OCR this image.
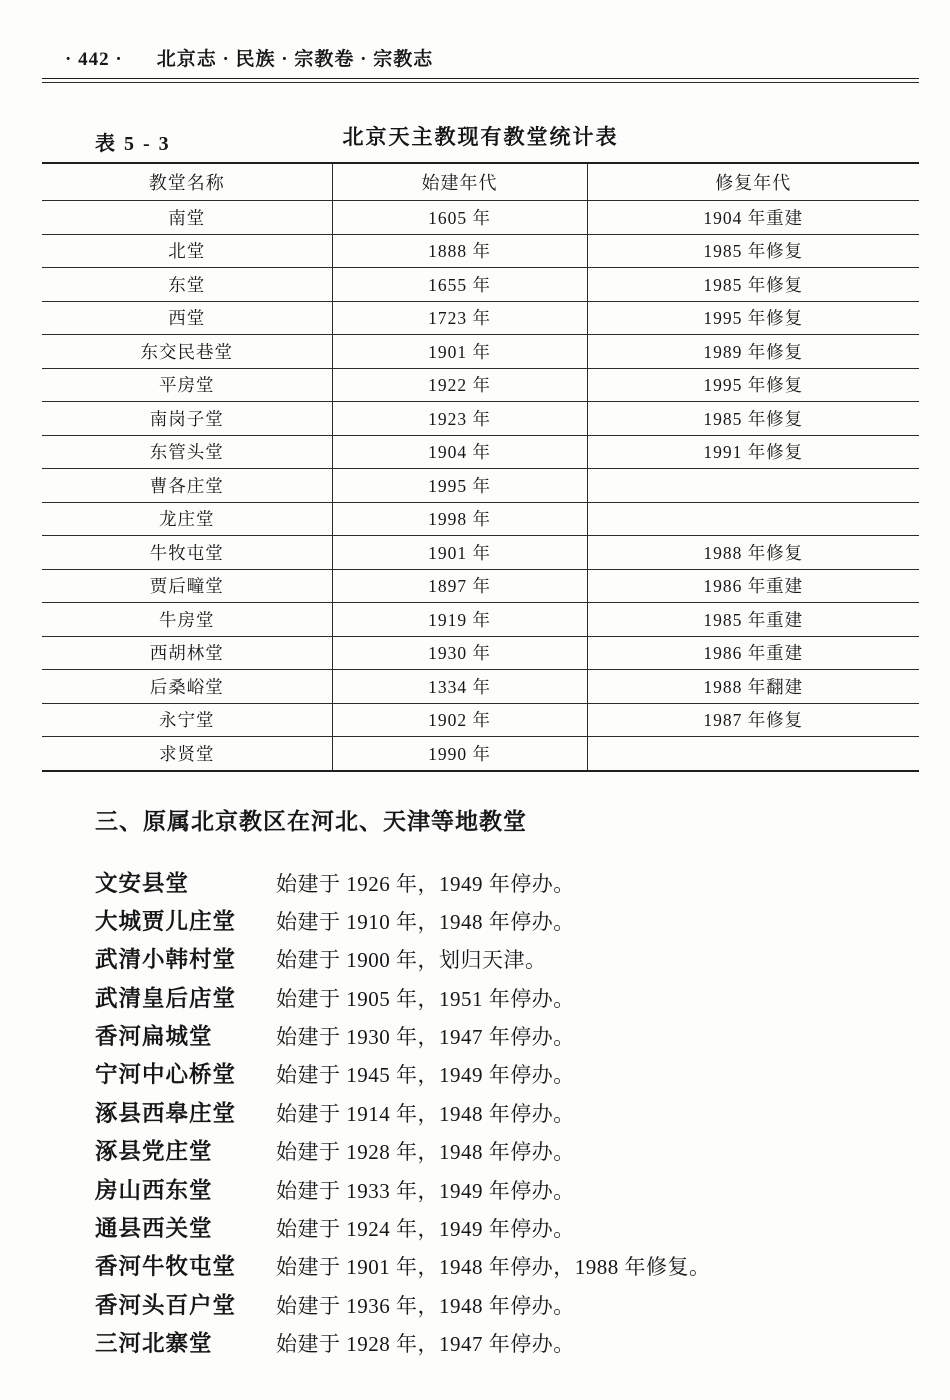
· 442 · 北京志 · 民族 · 宗教卷 · 宗教志
表 5 - 3	北京天主教现有教堂统计表
教堂名称	始建年代	修复年代
南堂	1605 年	1904 年重建
北堂	1888 年	1985 年修复
东堂	1655 年	1985 年修复
西堂	1723 年	1995 年修复
东交民巷堂	1901 年	1989 年修复
平房堂	1922 年	1995 年修复
南岗子堂	1923 年	1985 年修复
东管头堂	1904 年	1991 年修复
曹各庄堂	1995 年	
龙庄堂	1998 年	
牛牧屯堂	1901 年	1988 年修复
贾后疃堂	1897 年	1986 年重建
牛房堂	1919 年	1985 年重建
西胡林堂	1930 年	1986 年重建
后桑峪堂	1334 年	1988 年翻建
永宁堂	1902 年	1987 年修复
求贤堂	1990 年	
三、原属北京教区在河北、天津等地教堂
文安县堂	始建于 1926 年，1949 年停办。
大城贾儿庄堂	始建于 1910 年，1948 年停办。
武清小韩村堂	始建于 1900 年，划归天津。
武清皇后店堂	始建于 1905 年，1951 年停办。
香河扁城堂	始建于 1930 年，1947 年停办。
宁河中心桥堂	始建于 1945 年，1949 年停办。
涿县西皋庄堂	始建于 1914 年，1948 年停办。
涿县党庄堂	始建于 1928 年，1948 年停办。
房山西东堂	始建于 1933 年，1949 年停办。
通县西关堂	始建于 1924 年，1949 年停办。
香河牛牧屯堂	始建于 1901 年，1948 年停办，1988 年修复。
香河头百户堂	始建于 1936 年，1948 年停办。
三河北寨堂	始建于 1928 年，1947 年停办。
